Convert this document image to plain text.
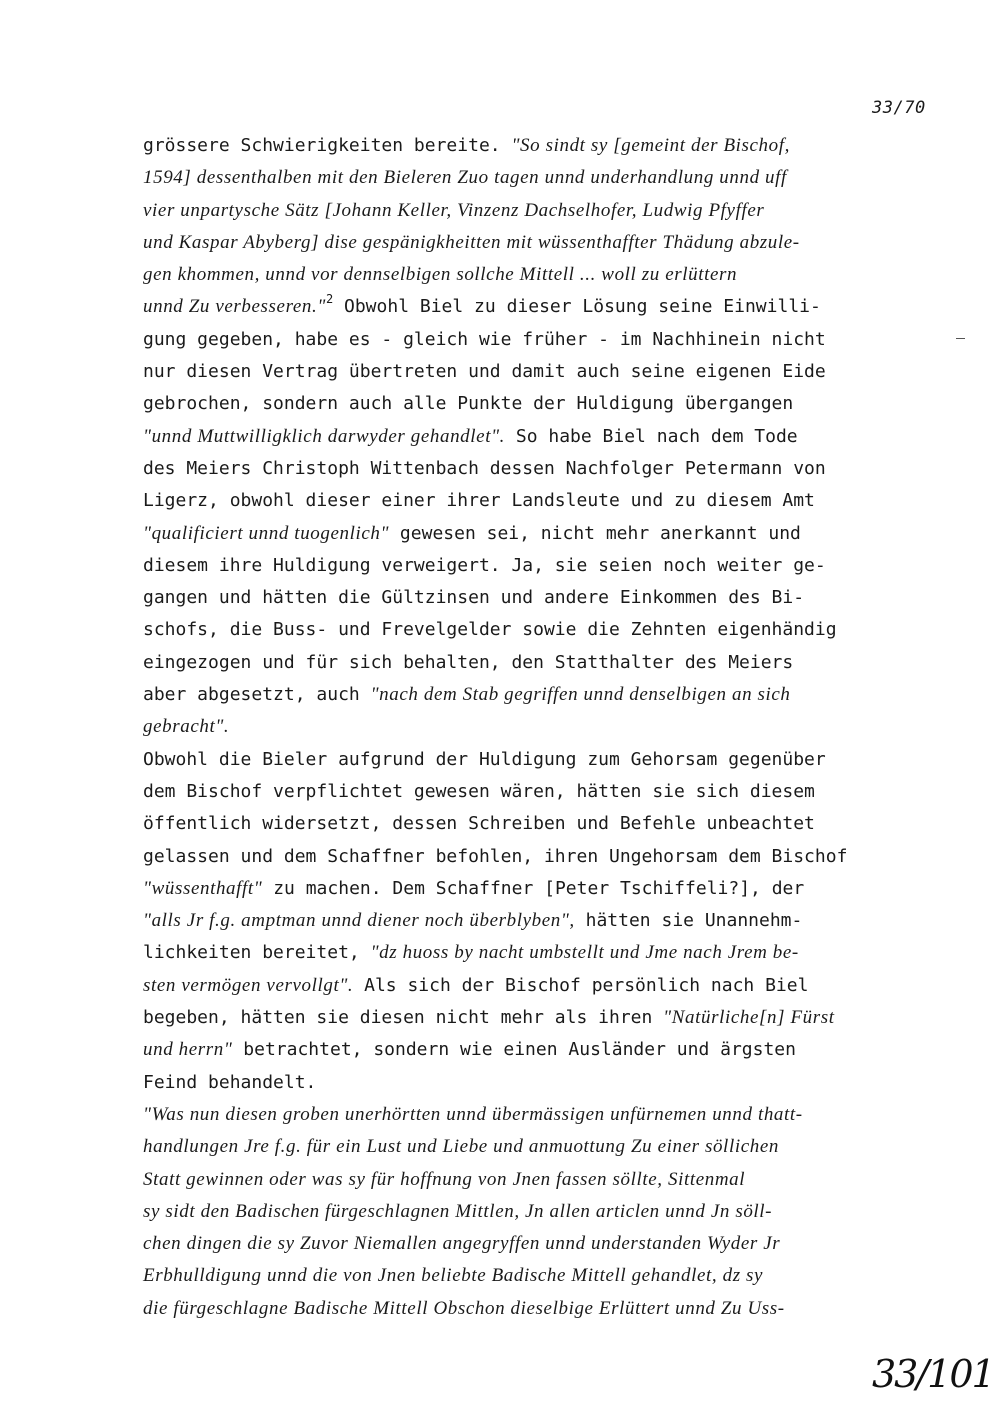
33/70
grössere Schwierigkeiten bereite. "So sindt sy [gemeint der Bischof,
1594] dessenthalben mit den Bieleren Zuo tagen unnd underhandlung unnd uff
vier unpartysche Sätz [Johann Keller, Vinzenz Dachselhofer, Ludwig Pfyffer
und Kaspar Abyberg] dise gespänigkheitten mit wüssenthaffter Thädung abzule-
gen khommen, unnd vor dennselbigen sollche Mittell ... woll zu erlüttern
unnd Zu verbesseren."$^2$ Obwohl Biel zu dieser Lösung seine Einwilli-
gung gegeben, habe es - gleich wie früher - im Nachhinein nicht
nur diesen Vertrag übertreten und damit auch seine eigenen Eide
gebrochen, sondern auch alle Punkte der Huldigung übergangen
"unnd Muttwilligklich darwyder gehandlet". So habe Biel nach dem Tode
des Meiers Christoph Wittenbach dessen Nachfolger Petermann von
Ligerz, obwohl dieser einer ihrer Landsleute und zu diesem Amt
"qualificiert unnd tuogenlich" gewesen sei, nicht mehr anerkannt und
diesem ihre Huldigung verweigert. Ja, sie seien noch weiter ge-
gangen und hätten die Gültzinsen und andere Einkommen des Bi-
schofs, die Buss- und Frevelgelder sowie die Zehnten eigenhändig
eingezogen und für sich behalten, den Statthalter des Meiers
aber abgesetzt, auch "nach dem Stab gegriffen unnd denselbigen an sich
gebracht".
Obwohl die Bieler aufgrund der Huldigung zum Gehorsam gegenüber
dem Bischof verpflichtet gewesen wären, hätten sie sich diesem
öffentlich widersetzt, dessen Schreiben und Befehle unbeachtet
gelassen und dem Schaffner befohlen, ihren Ungehorsam dem Bischof
"wüssenthafft" zu machen. Dem Schaffner [Peter Tschiffeli?], der
"alls Jr f.g. amptman unnd diener noch überblyben", hätten sie Unannehm-
lichkeiten bereitet, "dz huoss by nacht umbstellt und Jme nach Jrem be-
sten vermögen vervollgt". Als sich der Bischof persönlich nach Biel
begeben, hätten sie diesen nicht mehr als ihren "Natürliche[n] Fürst
und herrn" betrachtet, sondern wie einen Ausländer und ärgsten
Feind behandelt.
"Was nun diesen groben unerhörtten unnd übermässigen unfürnemen unnd thatt-
handlungen Jre f.g. für ein Lust und Liebe und anmuottung Zu einer söllichen
Statt gewinnen oder was sy für hoffnung von Jnen fassen söllte, Sittenmal
sy sidt den Badischen fürgeschlagnen Mittlen, Jn allen articlen unnd Jn söll-
chen dingen die sy Zuvor Niemallen angegryffen unnd understanden Wyder Jr
Erbhulldigung unnd die von Jnen beliebte Badische Mittell gehandlet, dz sy
die fürgeschlagne Badische Mittell Obschon dieselbige Erlüttert unnd Zu Uss-
33/101
